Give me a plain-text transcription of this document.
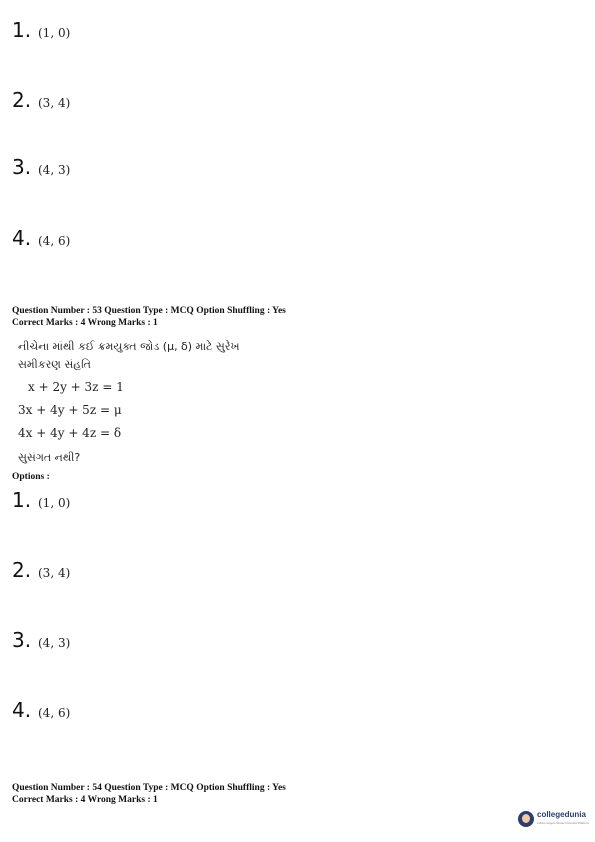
1. (1, 0)
2. (3, 4)
3. (4, 3)
4. (4, 6)
Question Number : 53 Question Type : MCQ Option Shuffling : Yes
Correct Marks : 4 Wrong Marks : 1
નીચેના માંથી કઈ ક્રમયુક્ત જોડ (μ, δ) માટે સુરેખ
સમીકરણ સંહતિ
x + 2y + 3z = 1
3x + 4y + 5z = μ
4x + 4y + 4z = δ
સુસંગત નથી?
Options :
1. (1, 0)
2. (3, 4)
3. (4, 3)
4. (4, 6)
Question Number : 54 Question Type : MCQ Option Shuffling : Yes
Correct Marks : 4 Wrong Marks : 1
collegedunia
India's largest Student Review Platform
